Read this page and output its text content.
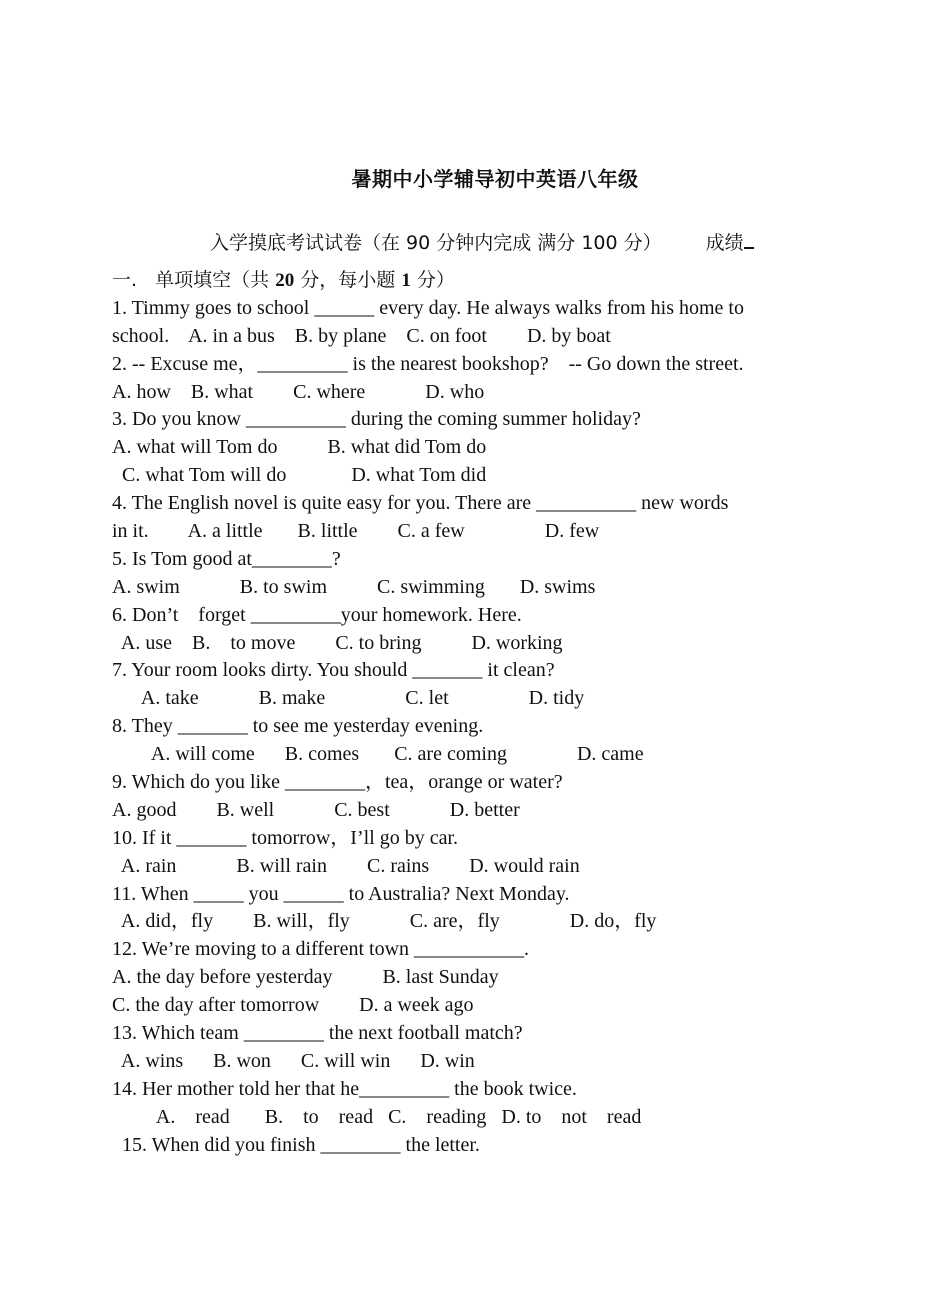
暑期中小学辅导初中英语八年级
入学摸底考试试卷（在 90 分钟内完成 满分 100 分） 成绩
一.   单项填空（共 20 分，每小题 1 分）
1. Timmy goes to school ______ every day. He always walks from his home to
school.    A. in a bus    B. by plane    C. on foot        D. by boat
2. -- Excuse me，_________ is the nearest bookshop?    -- Go down the street.
A. how    B. what        C. where            D. who
3. Do you know __________ during the coming summer holiday?
A. what will Tom do          B. what did Tom do
C. what Tom will do             D. what Tom did
4. The English novel is quite easy for you. There are __________ new words
in it.        A. a little       B. little        C. a few                D. few
5. Is Tom good at________?
A. swim            B. to swim          C. swimming       D. swims
6. Don’t    forget _________your homework. Here.
A. use    B.    to move        C. to bring          D. working
7. Your room looks dirty. You should _______ it clean?
A. take            B. make                C. let                D. tidy
8. They _______ to see me yesterday evening.
A. will come      B. comes       C. are coming              D. came
9. Which do you like ________，tea，orange or water?
A. good        B. well            C. best            D. better
10. If it _______ tomorrow，I’ll go by car.
A. rain            B. will rain        C. rains        D. would rain
11. When _____ you ______ to Australia? Next Monday.
A. did，fly        B. will，fly            C. are，fly              D. do，fly
12. We’re moving to a different town ___________.
A. the day before yesterday          B. last Sunday
C. the day after tomorrow        D. a week ago
13. Which team ________ the next football match?
A. wins      B. won      C. will win      D. win
14. Her mother told her that he_________ the book twice.
A.    read       B.    to    read   C.    reading   D. to    not    read
15. When did you finish ________ the letter.
